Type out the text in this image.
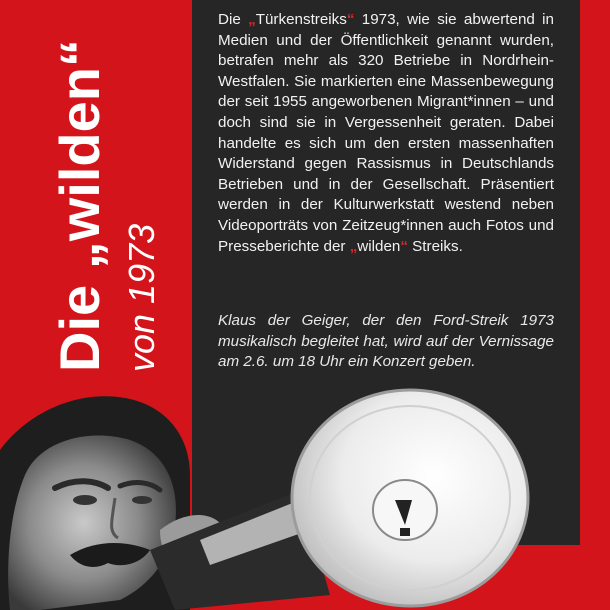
Die „Türkenstreiks“ 1973, wie sie abwertend in Medien und der Öffentlichkeit genannt wurden, betrafen mehr als 320 Betriebe in Nordrhein-Westfalen. Sie markierten eine Massenbewegung der seit 1955 angeworbenen Migrant*innen – und doch sind sie in Vergessenheit geraten. Dabei handelte es sich um den ersten massenhaften Widerstand gegen Rassismus in Deutschlands Betrieben und in der Gesellschaft. Präsentiert werden in der Kulturwerkstatt westend neben Videoporträts von Zeitzeug*innen auch Fotos und Presseberichte der „wilden“ Streiks.

Klaus der Geiger, der den Ford-Streik 1973 musikalisch begleitet hat, wird auf der Vernissage am 2.6. um 18 Uhr ein Konzert geben.

Die „wilden“
von 1973
